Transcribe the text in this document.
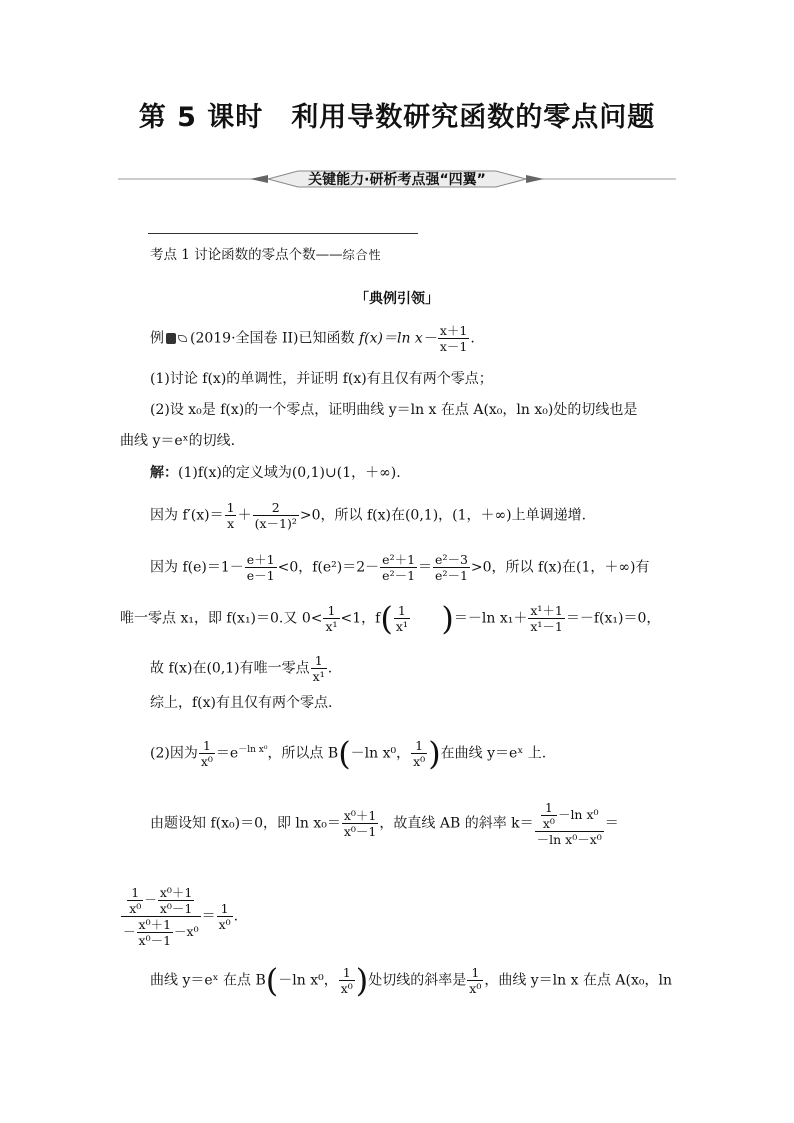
第 5 课时 利用导数研究函数的零点问题
关键能力·研析考点强“四翼”
考点 1 讨论函数的零点个数——综合性
「典例引领」
例 (2019·全国卷 II)已知函数 f(x)＝ln $x- \frac{x+1}{x-1}$ .
(1)讨论 f(x)的单调性，并证明 f(x)有且仅有两个零点；
(2)设 x₀是 f(x)的一个零点，证明曲线 y＝ln x 在点 A(x₀，ln x₀)处的切线也是
曲线 y＝eˣ的切线.
解：(1)f(x)的定义域为(0,1)∪(1，＋∞).
因为 $f'(x)= \frac{1}{x} + \frac{2}{\text{(x－1)²}} >0$，所以 f(x)在(0,1)，(1，＋∞)上单调递增.
因为 $f(e)=1- \frac{e+1}{e-1} <0$，$f(e^2)=2- \frac{\text{e²＋1}}{\text{e²－1}} = \frac{\text{e²－3}}{\text{e²－1}} >0$，所以 f(x)在(1，＋∞)有
唯一零点 x₁，即 f(x₁)＝0.又 $0< \frac{1}{\text{x¹}} <1$，$f( \frac{1}{\text{x¹}} )=-\ln$ $x_1+ \frac{\text{x¹＋1}}{\text{x¹－1}} =-f(x_1)=0$，
故 f(x)在(0,1)有唯一零点 $\frac{1}{\text{x¹}}$ .
综上，f(x)有且仅有两个零点.
(2)因为 $\frac{1}{\text{x⁰}} =e^{-ln x^0}$，所以点 B(－ln x⁰， $\frac{1}{\text{x⁰}}$ )在曲线 y＝eˣ 上.
由题设知 f(x₀)＝0，即 $\ln x_0= \frac{\text{x⁰＋1}}{\text{x⁰－1}}$ ，故直线 AB 的斜率 $k= \frac{\frac{1}{\text{x⁰}} -\ln x^0}{\text{－ln x⁰－x⁰}}$ ＝
$\frac{\frac{1}{\text{x⁰}} - \frac{\text{x⁰＋1}}{\text{x⁰－1}}}{- \frac{\text{x⁰＋1}}{\text{x⁰－1}} -x^0} = \frac{1}{\text{x⁰}}$ .
曲线 y＝eˣ 在点 B(－ln x⁰， $\frac{1}{\text{x⁰}}$ )处切线的斜率是 $\frac{1}{\text{x⁰}}$ ，曲线 y＝ln x 在点 A(x₀，ln
